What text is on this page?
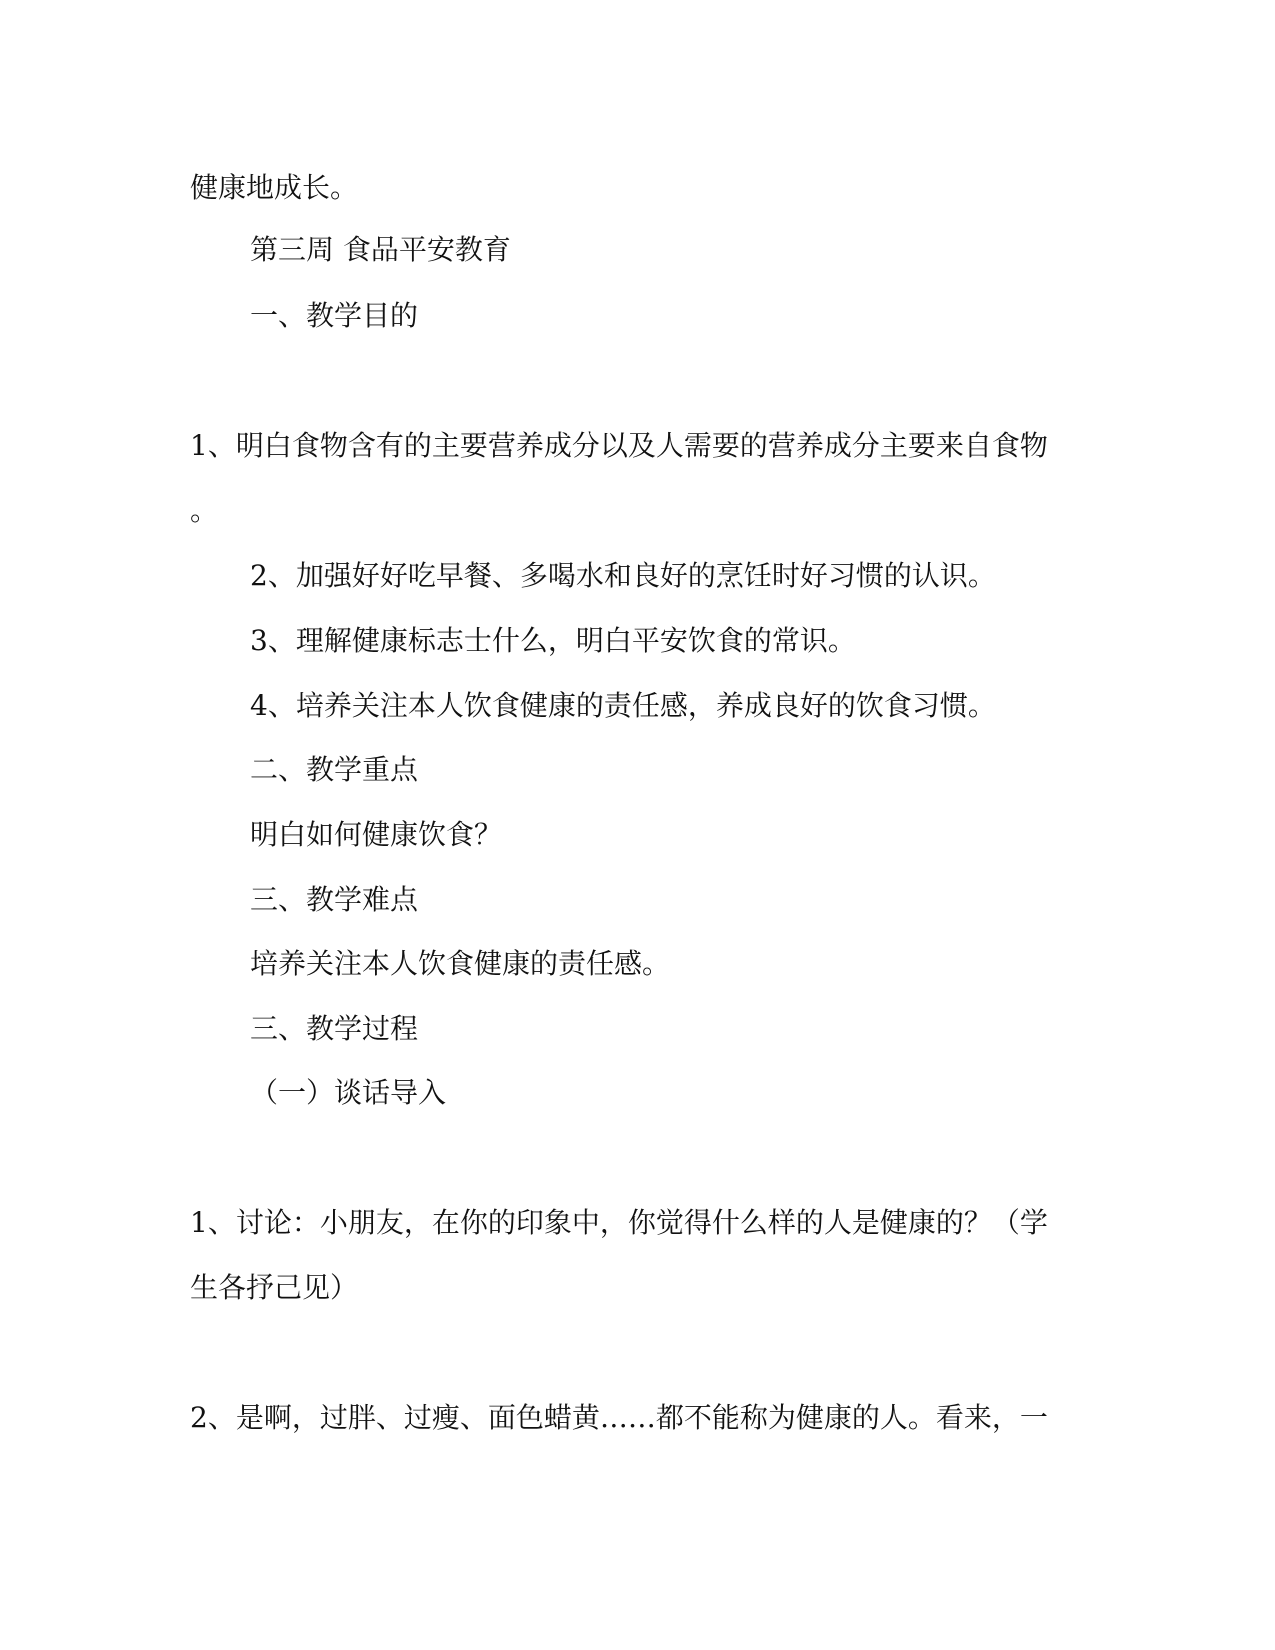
健康地成长。
第三周 食品平安教育
一、教学目的
1、明白食物含有的主要营养成分以及人需要的营养成分主要来自食物
。
2、加强好好吃早餐、多喝水和良好的烹饪时好习惯的认识。
3、理解健康标志士什么，明白平安饮食的常识。
4、培养关注本人饮食健康的责任感，养成良好的饮食习惯。
二、教学重点
明白如何健康饮食？
三、教学难点
培养关注本人饮食健康的责任感。
三、教学过程
（一）谈话导入
1、讨论：小朋友，在你的印象中，你觉得什么样的人是健康的？（学
生各抒己见）
2、是啊，过胖、过瘦、面色蜡黄……都不能称为健康的人。看来，一
